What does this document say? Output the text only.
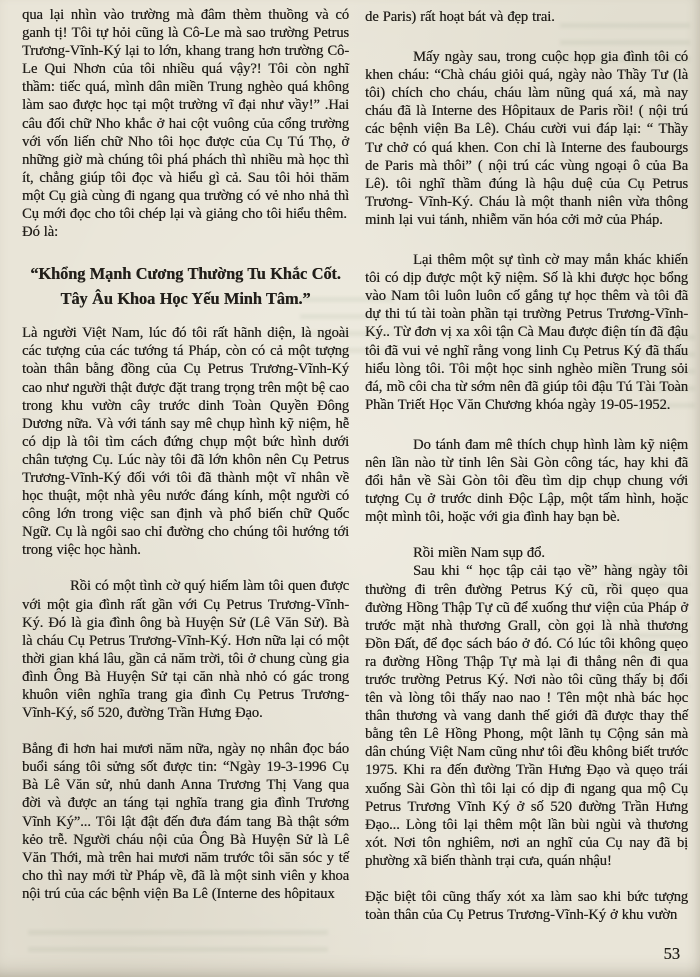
qua lại nhìn vào trường mà đâm thèm thuồng và có ganh tị! Tôi tự hỏi cũng là Cô-Le mà sao trường Petrus Trương-Vĩnh-Ký lại to lớn, khang trang hơn trường Cô-Le Qui Nhơn của tôi nhiều quá vậy?! Tôi còn nghĩ thầm: tiếc quá, mình dân miền Trung nghèo quá không làm sao được học tại một trường vĩ đại như vầy!” .Hai câu đối chữ Nho khắc ở hai cột vuông của cổng trường với vốn liến chữ Nho tôi học được của Cụ Tú Thọ, ở những giờ mà chúng tôi phá phách thì nhiều mà học thì ít, chẳng giúp tôi đọc và hiểu gì cả. Sau tôi hỏi thăm một Cụ già cùng đi ngang qua trường có vẻ nho nhả thì Cụ mới đọc cho tôi chép lại và giảng cho tôi hiểu thêm.

Đó là:

“Khổng Mạnh Cương Thường Tu Khắc Cốt.

Tây Âu Khoa Học Yếu Minh Tâm.”

Là người Việt Nam, lúc đó tôi rất hãnh diện, là ngoài các tượng của các tướng tá Pháp, còn có cả một tượng toàn thân bằng đồng của Cụ Petrus Trương-Vĩnh-Ký cao như người thật được đặt trang trọng trên một bệ cao trong khu vườn cây trước dinh Toàn Quyền Đông Dương nữa. Và với tánh say mê chụp hình kỹ niệm, hễ có dịp là tôi tìm cách đứng chụp một bức hình dưới chân tượng Cụ. Lúc này tôi đã lớn khôn nên Cụ Petrus Trương-Vĩnh-Ký đối với tôi đã thành một vĩ nhân về học thuật, một nhà yêu nước đáng kính, một người có công lớn trong việc san định và phổ biến chữ Quốc Ngữ. Cụ là ngôi sao chỉ đường cho chúng tôi hướng tới trong việc học hành.

Rồi có một tình cờ quý hiếm làm tôi quen được với một gia đình rất gần với Cụ Petrus Trương-Vĩnh-Ký. Đó là gia đình ông bà Huyện Sử (Lê Văn Sử). Bà là cháu Cụ Petrus Trương-Vĩnh-Ký. Hơn nữa lại có một thời gian khá lâu, gần cả năm trời, tôi ở chung cùng gia đình Ông Bà Huyện Sử tại căn nhà nhỏ có gác trong khuôn viên nghĩa trang gia đình Cụ Petrus Trương-Vĩnh-Ký, số 520, đường Trần Hưng Đạo.

Bẳng đi hơn hai mươi năm nữa, ngày nọ nhân đọc báo buổi sáng tôi sửng sốt được tin: “Ngày 19-3-1996 Cụ Bà Lê Văn sử, nhủ danh Anna Trương Thị Vang qua đời và được an táng tại nghĩa trang gia đình Trương Vĩnh Ký”... Tôi lật đật đến đưa đám tang Bà thật sớm kẻo trễ. Người cháu nội của Ông Bà Huyện Sử là Lê Văn Thới, mà trên hai mươi năm trước tôi săn sóc y tế cho thì nay mới từ Pháp về, đã là một sinh viên y khoa nội trú của các bệnh viện Ba Lê (Interne des hôpitaux

de Paris) rất hoạt bát và đẹp trai.

Mấy ngày sau, trong cuộc họp gia đình tôi có khen cháu: “Chà cháu giỏi quá, ngày nào Thầy Tư (là tôi) chích cho cháu, cháu làm nũng quá xá, mà nay cháu đã là Interne des Hôpitaux de Paris rồi! ( nội trú các bệnh viện Ba Lê). Cháu cười vui đáp lại: “ Thầy Tư chở có quá khen. Con chỉ là Interne des faubourgs de Paris mà thôi” ( nội trú các vùng ngoại ô của Ba Lê). tôi nghĩ thầm đúng là hậu duệ của Cụ Petrus Trương- Vĩnh-Ký. Cháu là một thanh niên vừa thông minh lại vui tánh, nhiễm văn hóa cởi mở của Pháp.

Lại thêm một sự tình cờ may mắn khác khiến tôi có dịp được một kỹ niệm. Số là khi được học bổng vào Nam tôi luôn luôn cố gắng tự học thêm và tôi đã dự thi tú tài toàn phần tại trường Petrus Trương-Vĩnh-Ký.. Từ đơn vị xa xôi tận Cà Mau được điện tín đã đậu tôi đã vui vẻ nghĩ rằng vong linh Cụ Petrus Ký đã thấu hiểu lòng tôi. Tôi một học sinh nghèo miền Trung sỏi đá, mồ côi cha từ sớm nên đã giúp tôi đậu Tú Tài Toàn Phần Triết Học Văn Chương khóa ngày 19-05-1952.

Do tánh đam mê thích chụp hình làm kỹ niệm nên lần nào từ tỉnh lên Sài Gòn công tác, hay khi đã đổi hẳn về Sài Gòn tôi đều tìm dịp chụp chung với tượng Cụ ở trước dinh Độc Lập, một tấm hình, hoặc một mình tôi, hoặc với gia đình hay bạn bè.

Rồi miền Nam sụp đổ.

Sau khi “ học tập cải tạo về” hàng ngày tôi thường đi trên đường Petrus Ký cũ, rồi quẹo qua đường Hồng Thập Tự cũ để xuống thư viện của Pháp ở trước mặt nhà thương Grall, còn gọi là nhà thương Đồn Đất, để đọc sách báo ở đó. Có lúc tôi không quẹo ra đường Hồng Thập Tự mà lại đi thẳng nên đi qua trước trường Petrus Ký. Nơi nào tôi cũng thấy bị đổi tên và lòng tôi thấy nao nao ! Tên một nhà bác học thân thương và vang danh thế giới đã được thay thế bằng tên Lê Hồng Phong, một lãnh tụ Cộng sản mà dân chúng Việt Nam cũng như tôi đều không biết trước 1975. Khi ra đến đường Trần Hưng Đạo và quẹo trái xuống Sài Gòn thì tôi lại có dịp đi ngang qua mộ Cụ Petrus Trương Vĩnh Ký ở số 520 đường Trần Hưng Đạo... Lòng tôi lại thêm một lần bùi ngùi và thương xót. Nơi tôn nghiêm, nơi an nghĩ của Cụ nay đã bị phường xã biến thành trại cưa, quán nhậu!

Đặc biệt tôi cũng thấy xót xa làm sao khi bức tượng toàn thân của Cụ Petrus Trương-Vĩnh-Ký ở khu vườn

53
